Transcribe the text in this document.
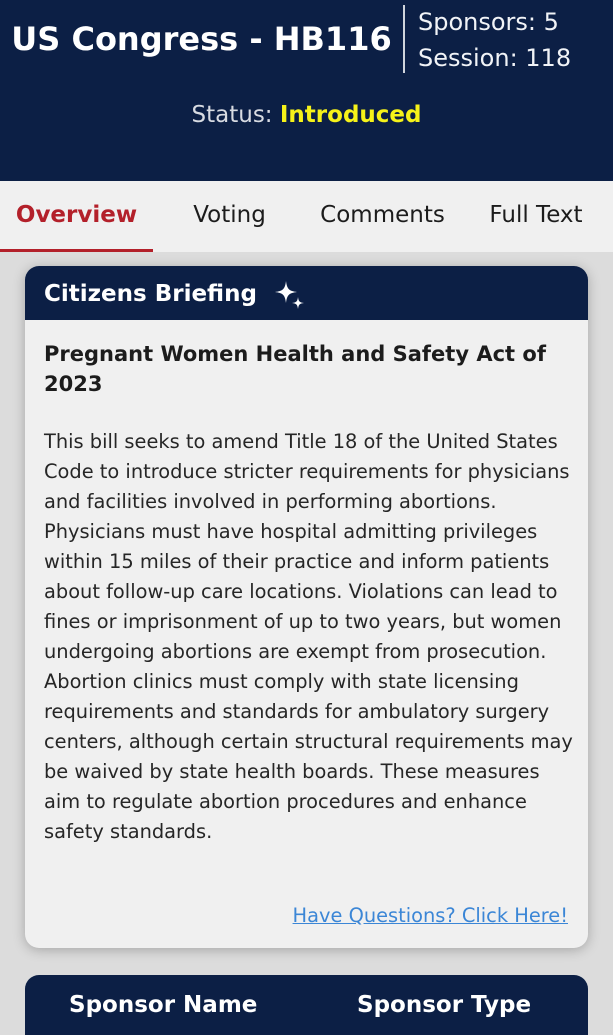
US Congress - HB116	Sponsors: 5
Session: 118
Status: Introduced
Overview	Voting	Comments	Full Text
Citizens Briefing
Pregnant Women Health and Safety Act of 2023
This bill seeks to amend Title 18 of the United States Code to introduce stricter requirements for physicians and facilities involved in performing abortions. Physicians must have hospital admitting privileges within 15 miles of their practice and inform patients about follow-up care locations. Violations can lead to fines or imprisonment of up to two years, but women undergoing abortions are exempt from prosecution. Abortion clinics must comply with state licensing requirements and standards for ambulatory surgery centers, although certain structural requirements may be waived by state health boards. These measures aim to regulate abortion procedures and enhance safety standards.
Have Questions? Click Here!
Sponsor Name	Sponsor Type
